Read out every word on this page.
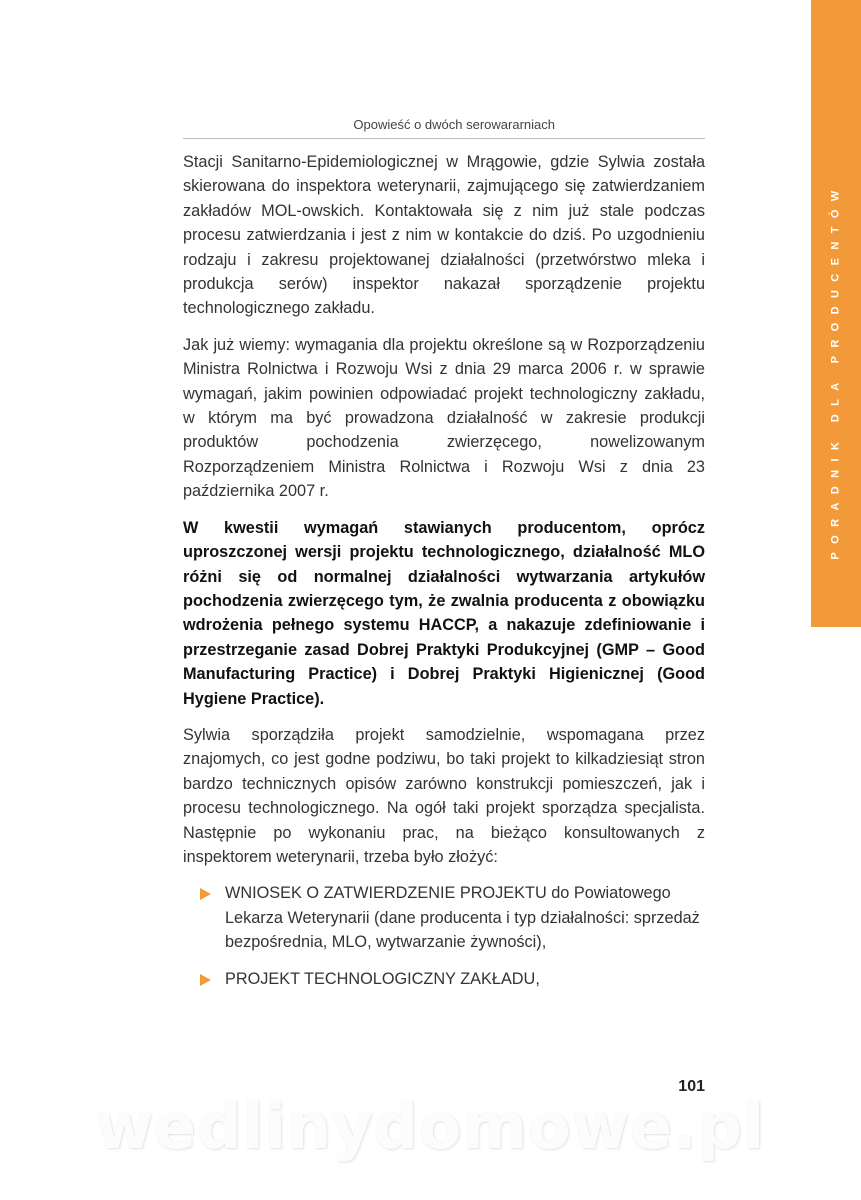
PORADNIK DLA PRODUCENTÓW
Opowieść o dwóch serowararniach

Stacji Sanitarno-Epidemiologicznej w Mrągowie, gdzie Sylwia została skierowana do inspektora weterynarii, zajmującego się zatwierdzaniem zakładów MOL-owskich. Kontaktowała się z nim już stale podczas procesu zatwierdzania i jest z nim w kontakcie do dziś. Po uzgodnieniu rodzaju i zakresu projektowanej działalności (przetwórstwo mleka i produkcja serów) inspektor nakazał sporządzenie projektu technologicznego zakładu.

Jak już wiemy: wymagania dla projektu określone są w Rozporządzeniu Ministra Rolnictwa i Rozwoju Wsi z dnia 29 marca 2006 r. w sprawie wymagań, jakim powinien odpowiadać projekt technologiczny zakładu, w którym ma być prowadzona działalność w zakresie produkcji produktów pochodzenia zwierzęcego, nowelizowanym Rozporządzeniem Ministra Rolnictwa i Rozwoju Wsi z dnia 23 października 2007 r.

W kwestii wymagań stawianych producentom, oprócz uproszczonej wersji projektu technologicznego, działalność MLO różni się od normalnej działalności wytwarzania artykułów pochodzenia zwierzęcego tym, że zwalnia producenta z obowiązku wdrożenia pełnego systemu HACCP, a nakazuje zdefiniowanie i przestrzeganie zasad Dobrej Praktyki Produkcyjnej (GMP – Good Manufacturing Practice) i Dobrej Praktyki Higienicznej (Good Hygiene Practice).

Sylwia sporządziła projekt samodzielnie, wspomagana przez znajomych, co jest godne podziwu, bo taki projekt to kilkadziesiąt stron bardzo technicznych opisów zarówno konstrukcji pomieszczeń, jak i procesu technologicznego. Na ogół taki projekt sporządza specjalista. Następnie po wykonaniu prac, na bieżąco konsultowanych z inspektorem weterynarii, trzeba było złożyć:

WNIOSEK O ZATWIERDZENIE PROJEKTU do Powiatowego Lekarza Weterynarii (dane producenta i typ działalności: sprzedaż bezpośrednia, MLO, wytwarzanie żywności),
PROJEKT TECHNOLOGICZNY ZAKŁADU,
101
wedlinydomowe.pl
